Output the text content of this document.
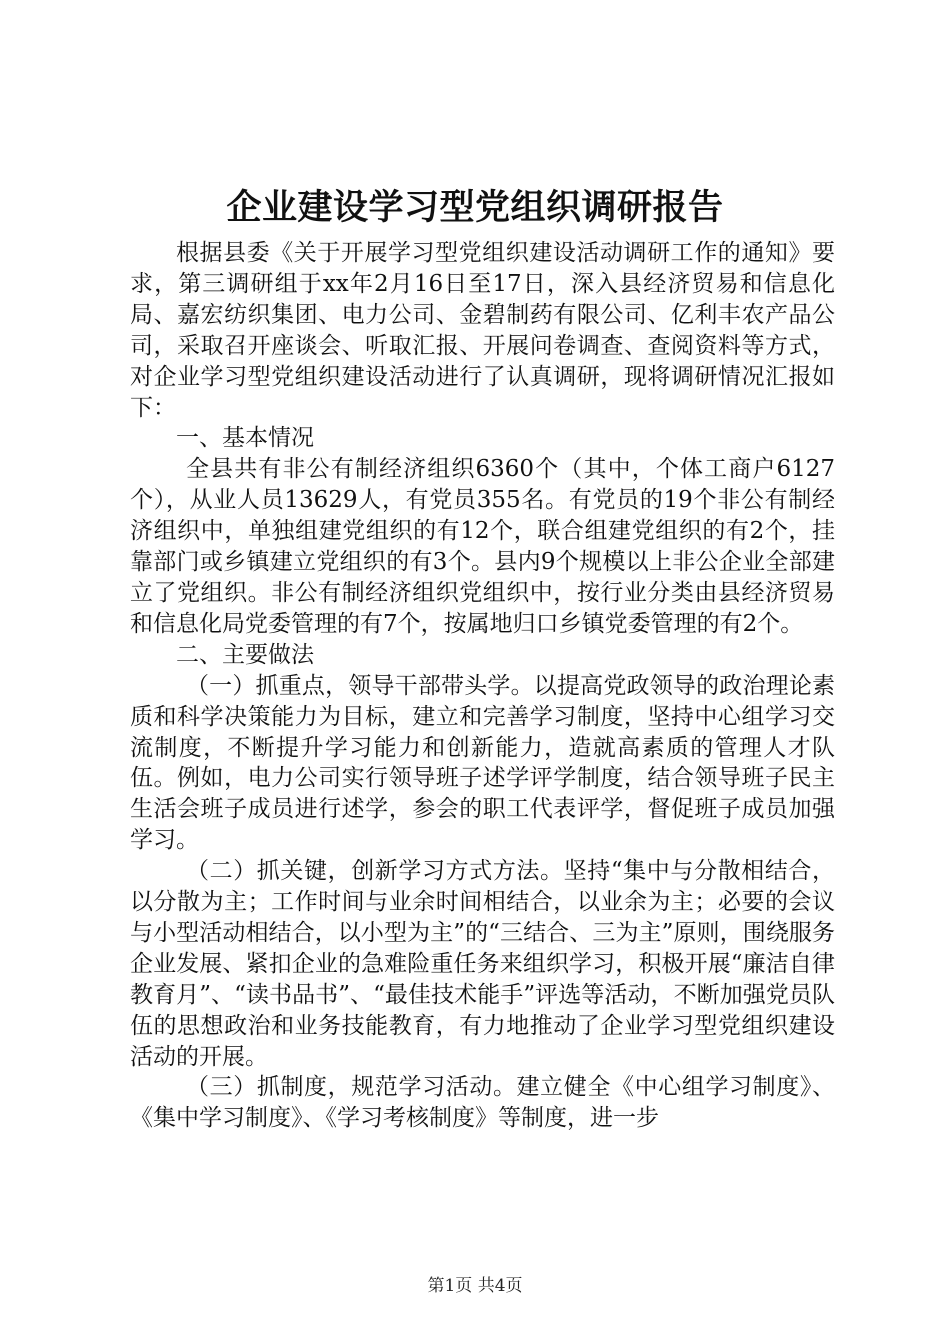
企业建设学习型党组织调研报告

根据县委《关于开展学习型党组织建设活动调研工作的通知》要求，第三调研组于xx年2月16日至17日，深入县经济贸易和信息化局、嘉宏纺织集团、电力公司、金碧制药有限公司、亿利丰农产品公司，采取召开座谈会、听取汇报、开展问卷调查、查阅资料等方式，对企业学习型党组织建设活动进行了认真调研，现将调研情况汇报如下：

一、基本情况

全县共有非公有制经济组织6360个（其中，个体工商户6127个），从业人员13629人，有党员355名。有党员的19个非公有制经济组织中，单独组建党组织的有12个，联合组建党组织的有2个，挂靠部门或乡镇建立党组织的有3个。县内9个规模以上非公企业全部建立了党组织。非公有制经济组织党组织中，按行业分类由县经济贸易和信息化局党委管理的有7个，按属地归口乡镇党委管理的有2个。

二、主要做法

（一）抓重点，领导干部带头学。以提高党政领导的政治理论素质和科学决策能力为目标，建立和完善学习制度，坚持中心组学习交流制度，不断提升学习能力和创新能力，造就高素质的管理人才队伍。例如，电力公司实行领导班子述学评学制度，结合领导班子民主生活会班子成员进行述学，参会的职工代表评学，督促班子成员加强学习。

（二）抓关键，创新学习方式方法。坚持“集中与分散相结合，以分散为主；工作时间与业余时间相结合，以业余为主；必要的会议与小型活动相结合，以小型为主”的“三结合、三为主”原则，围绕服务企业发展、紧扣企业的急难险重任务来组织学习，积极开展“廉洁自律教育月”、“读书品书”、“最佳技术能手”评选等活动，不断加强党员队伍的思想政治和业务技能教育，有力地推动了企业学习型党组织建设活动的开展。

（三）抓制度，规范学习活动。建立健全《中心组学习制度》、《集中学习制度》、《学习考核制度》等制度，进一步

第1页 共4页
